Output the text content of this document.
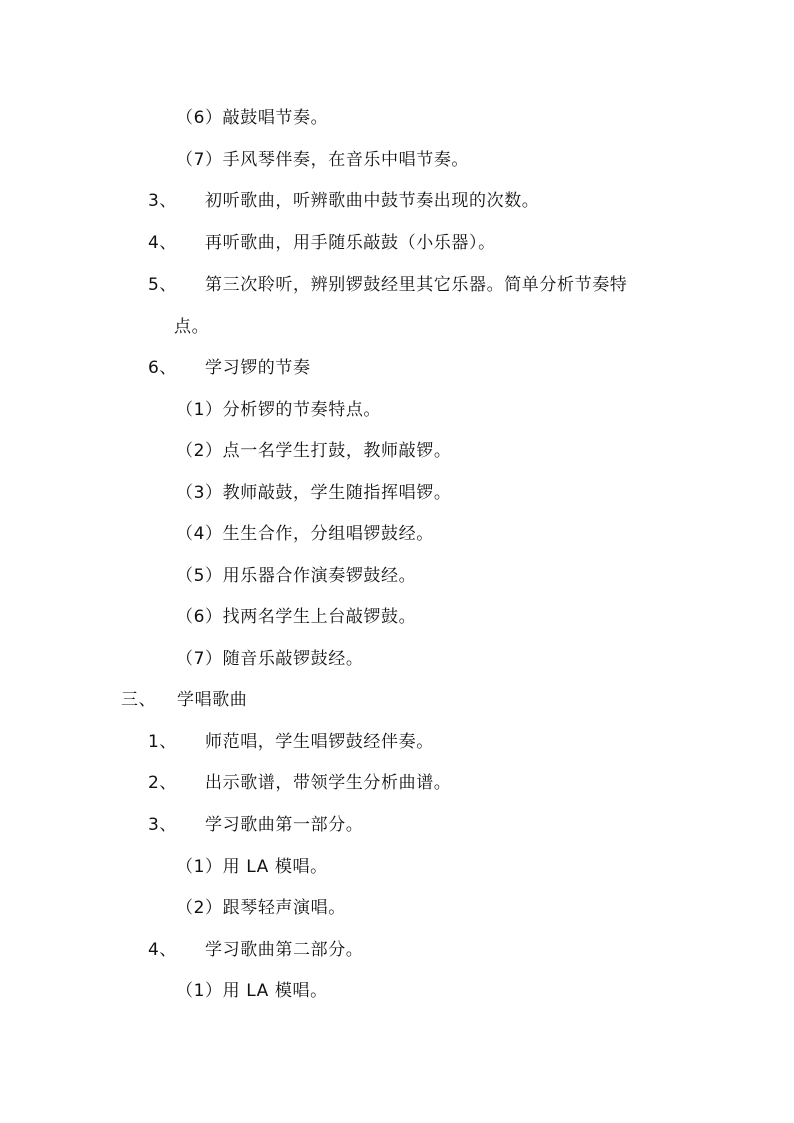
（6）敲鼓唱节奏。
（7）手风琴伴奏，在音乐中唱节奏。
3、 初听歌曲，听辨歌曲中鼓节奏出现的次数。
4、 再听歌曲，用手随乐敲鼓（小乐器）。
5、 第三次聆听，辨别锣鼓经里其它乐器。简单分析节奏特
点。
6、 学习锣的节奏
（1）分析锣的节奏特点。
（2）点一名学生打鼓，教师敲锣。
（3）教师敲鼓，学生随指挥唱锣。
（4）生生合作，分组唱锣鼓经。
（5）用乐器合作演奏锣鼓经。
（6）找两名学生上台敲锣鼓。
（7）随音乐敲锣鼓经。
三、 学唱歌曲
1、 师范唱，学生唱锣鼓经伴奏。
2、 出示歌谱，带领学生分析曲谱。
3、 学习歌曲第一部分。
（1）用 LA 模唱。
（2）跟琴轻声演唱。
4、 学习歌曲第二部分。
（1）用 LA 模唱。
